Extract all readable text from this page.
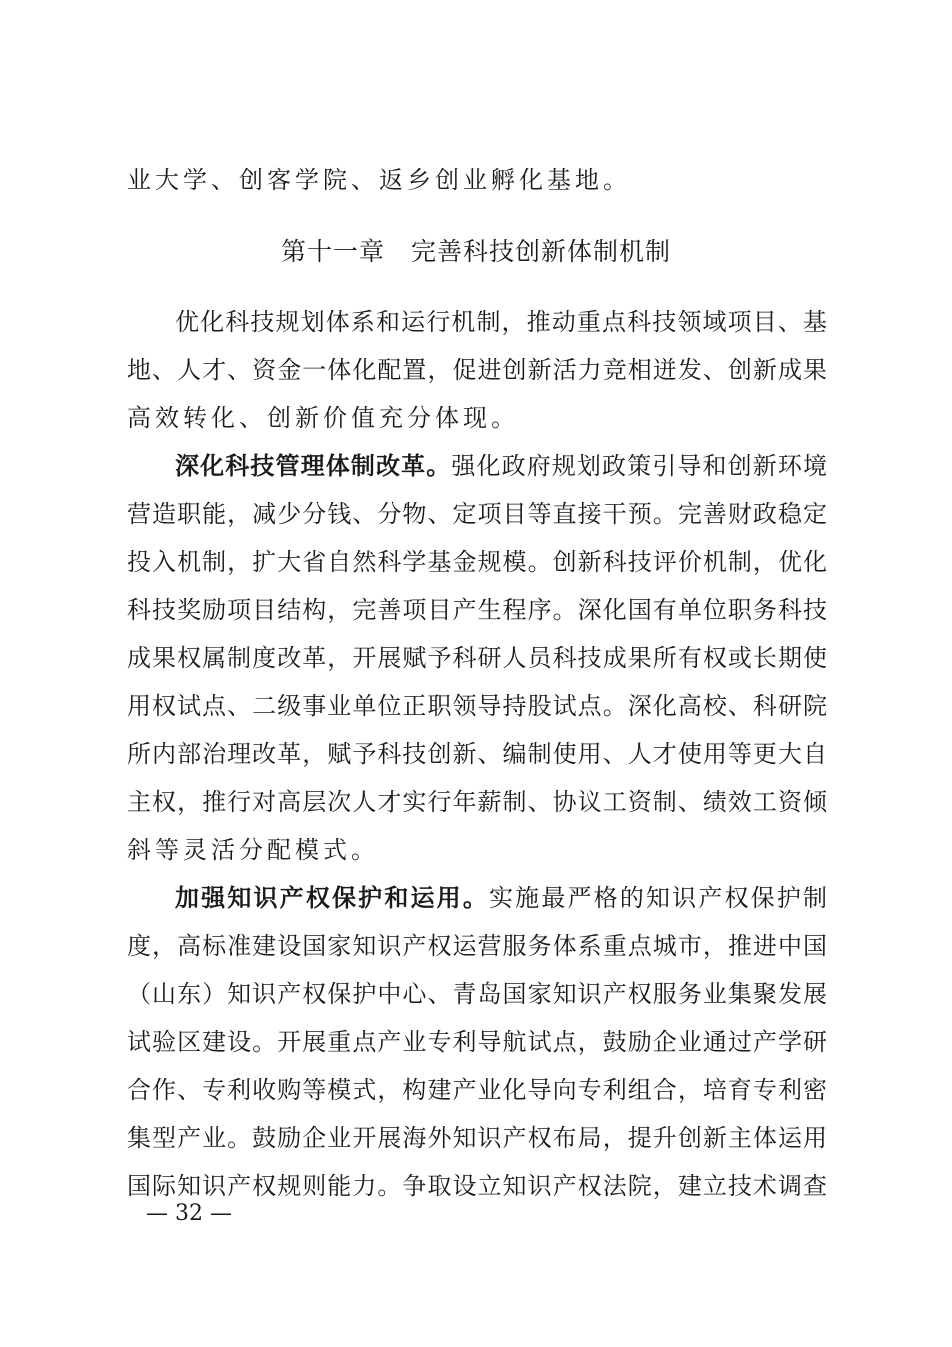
业大学、创客学院、返乡创业孵化基地。
第十一章　完善科技创新体制机制
优化科技规划体系和运行机制，推动重点科技领域项目、基
地、人才、资金一体化配置，促进创新活力竞相迸发、创新成果
高效转化、创新价值充分体现。
深化科技管理体制改革。强化政府规划政策引导和创新环境
营造职能，减少分钱、分物、定项目等直接干预。完善财政稳定
投入机制，扩大省自然科学基金规模。创新科技评价机制，优化
科技奖励项目结构，完善项目产生程序。深化国有单位职务科技
成果权属制度改革，开展赋予科研人员科技成果所有权或长期使
用权试点、二级事业单位正职领导持股试点。深化高校、科研院
所内部治理改革，赋予科技创新、编制使用、人才使用等更大自
主权，推行对高层次人才实行年薪制、协议工资制、绩效工资倾
斜等灵活分配模式。
加强知识产权保护和运用。实施最严格的知识产权保护制
度，高标准建设国家知识产权运营服务体系重点城市，推进中国
（山东）知识产权保护中心、青岛国家知识产权服务业集聚发展
试验区建设。开展重点产业专利导航试点，鼓励企业通过产学研
合作、专利收购等模式，构建产业化导向专利组合，培育专利密
集型产业。鼓励企业开展海外知识产权布局，提升创新主体运用
国际知识产权规则能力。争取设立知识产权法院，建立技术调查
— 32 —
